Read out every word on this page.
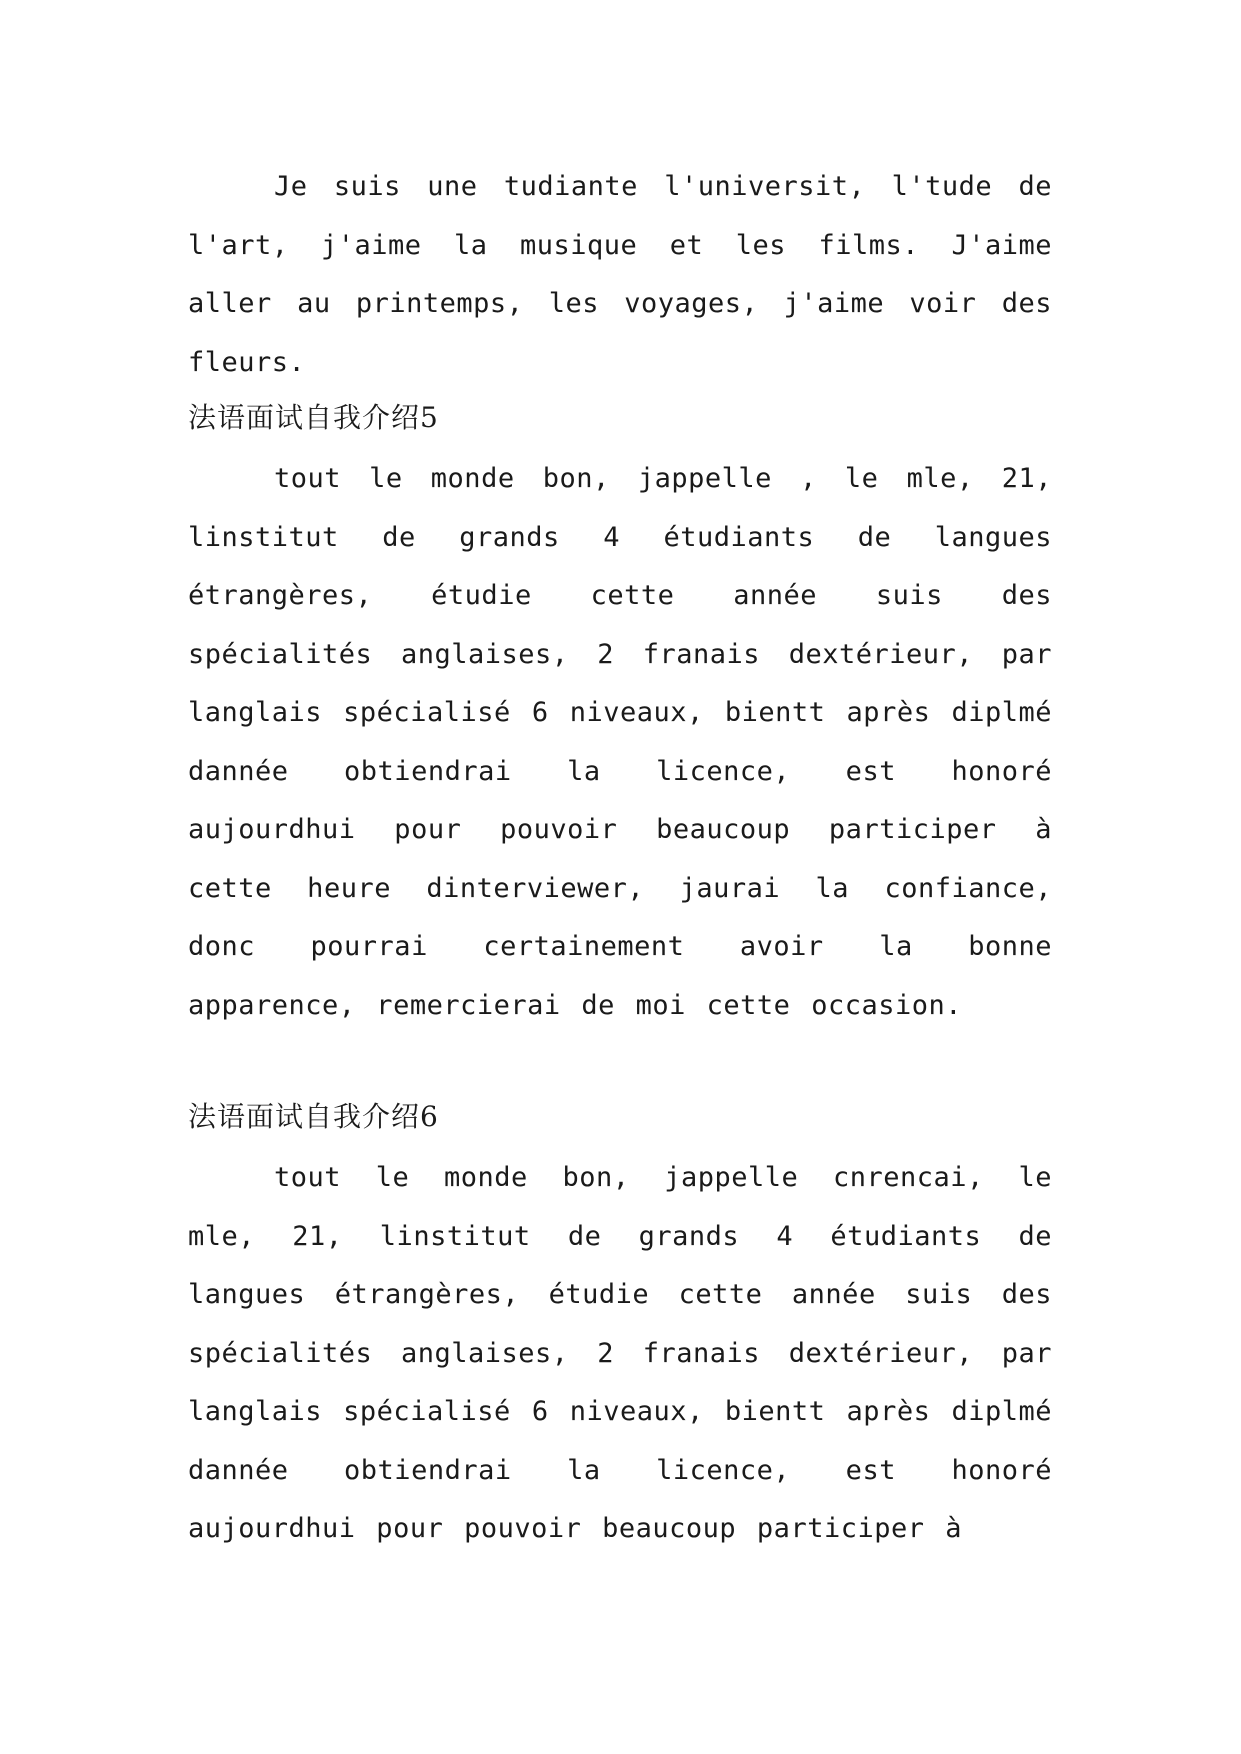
Je suis une tudiante l'universit, l'tude de l'art, j'aime la musique et les films. J'aime aller au printemps, les voyages, j'aime voir des fleurs.

法语面试自我介绍5

tout le monde bon, jappelle , le mle, 21, linstitut de grands 4 étudiants de langues étrangères, étudie cette année suis des spécialités anglaises, 2 franais dextérieur, par langlais spécialisé 6 niveaux, bientt après diplmé dannée obtiendrai la licence, est honoré aujourdhui pour pouvoir beaucoup participer à cette heure dinterviewer, jaurai la confiance, donc pourrai certainement avoir la bonne apparence, remercierai de moi cette occasion.

法语面试自我介绍6

tout le monde bon, jappelle cnrencai, le mle, 21, linstitut de grands 4 étudiants de langues étrangères, étudie cette année suis des spécialités anglaises, 2 franais dextérieur, par langlais spécialisé 6 niveaux, bientt après diplmé dannée obtiendrai la licence, est honoré aujourdhui pour pouvoir beaucoup participer à
